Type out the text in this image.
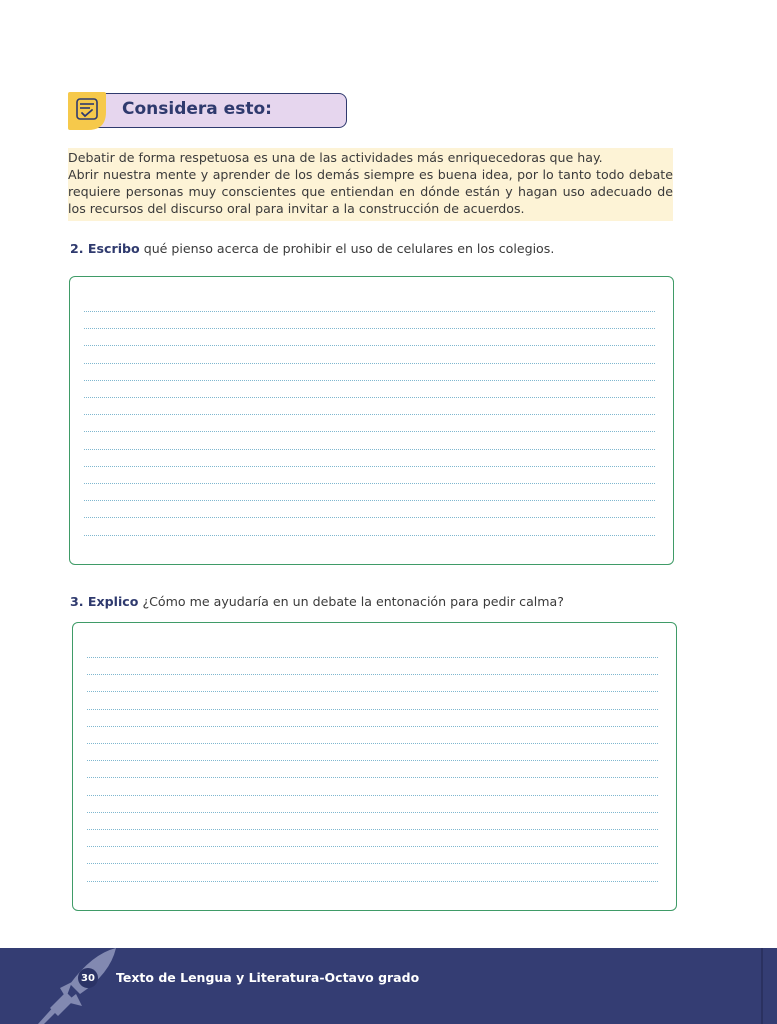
Considera esto:

Debatir de forma respetuosa es una de las actividades más enriquecedoras que hay.

Abrir nuestra mente y aprender de los demás siempre es buena idea, por lo tanto todo debate requiere personas muy conscientes que entiendan en dónde están y hagan uso adecuado de los recursos del discurso oral para invitar a la construcción de acuerdos.

2. Escribo qué pienso acerca de prohibir el uso de celulares en los colegios.
3. Explico ¿Cómo me ayudaría en un debate la entonación para pedir calma?
30 Texto de Lengua y Literatura-Octavo grado
